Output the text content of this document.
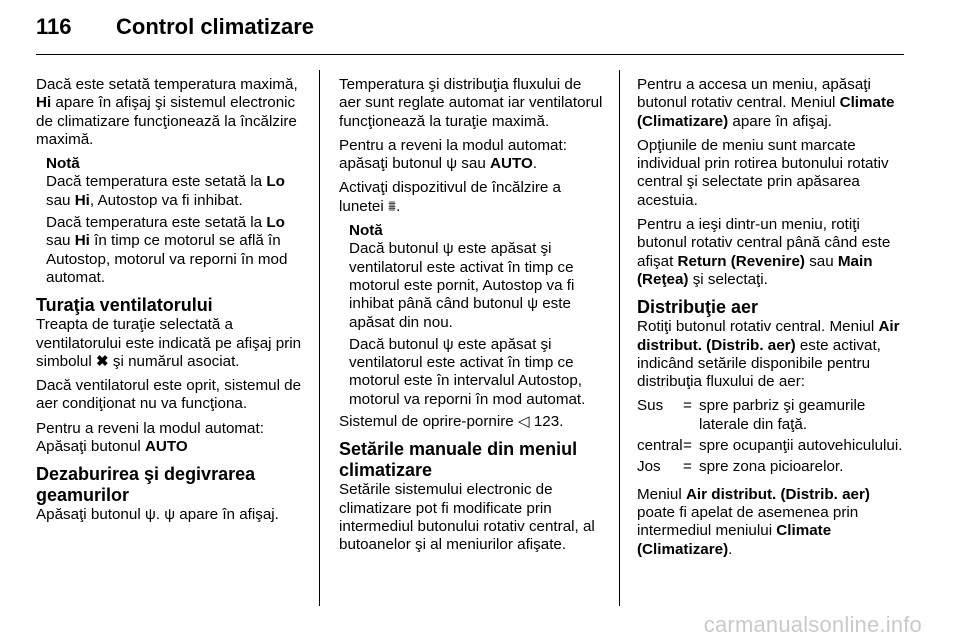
116 Control climatizare

Dacă este setată temperatura maximă, Hi apare în afişaj şi sistemul electronic de climatizare funcţionează la încălzire maximă.

Notă
Dacă temperatura este setată la Lo sau Hi, Autostop va fi inhibat.

Dacă temperatura este setată la Lo sau Hi în timp ce motorul se află în Autostop, motorul va reporni în mod automat.

Turaţia ventilatorului

Treapta de turaţie selectată a ventilatorului este indicată pe afişaj prin simbolul ✖ şi numărul asociat.

Dacă ventilatorul este oprit, sistemul de aer condiţionat nu va funcţiona.

Pentru a reveni la modul automat: Apăsaţi butonul AUTO

Dezaburirea şi degivrarea geamurilor

Apăsaţi butonul ψ. ψ apare în afişaj.

Temperatura şi distribuţia fluxului de aer sunt reglate automat iar ventilatorul funcţionează la turaţie maximă.

Pentru a reveni la modul automat: apăsaţi butonul ψ sau AUTO.

Activaţi dispozitivul de încălzire a lunetei ⩩.

Notă
Dacă butonul ψ este apăsat şi ventilatorul este activat în timp ce motorul este pornit, Autostop va fi inhibat până când butonul ψ este apăsat din nou.

Dacă butonul ψ este apăsat şi ventilatorul este activat în timp ce motorul este în intervalul Autostop, motorul va reporni în mod automat.

Sistemul de oprire-pornire ◁ 123.

Setările manuale din meniul climatizare

Setările sistemului electronic de climatizare pot fi modificate prin intermediul butonului rotativ central, al butoanelor şi al meniurilor afişate.

Pentru a accesa un meniu, apăsaţi butonul rotativ central. Meniul Climate (Climatizare) apare în afişaj.

Opţiunile de meniu sunt marcate individual prin rotirea butonului rotativ central şi selectate prin apăsarea acestuia.

Pentru a ieşi dintr-un meniu, rotiţi butonul rotativ central până când este afişat Return (Revenire) sau Main (Reţea) şi selectaţi.

Distribuţie aer

Rotiţi butonul rotativ central. Meniul Air distribut. (Distrib. aer) este activat, indicând setările disponibile pentru distribuţia fluxului de aer:

Sus	=	spre parbriz şi geamurile laterale din faţă.
central	=	spre ocupanţii autovehiculului.
Jos	=	spre zona picioarelor.

Meniul Air distribut. (Distrib. aer) poate fi apelat de asemenea prin intermediul meniului Climate (Climatizare).

carmanualsonline.info
